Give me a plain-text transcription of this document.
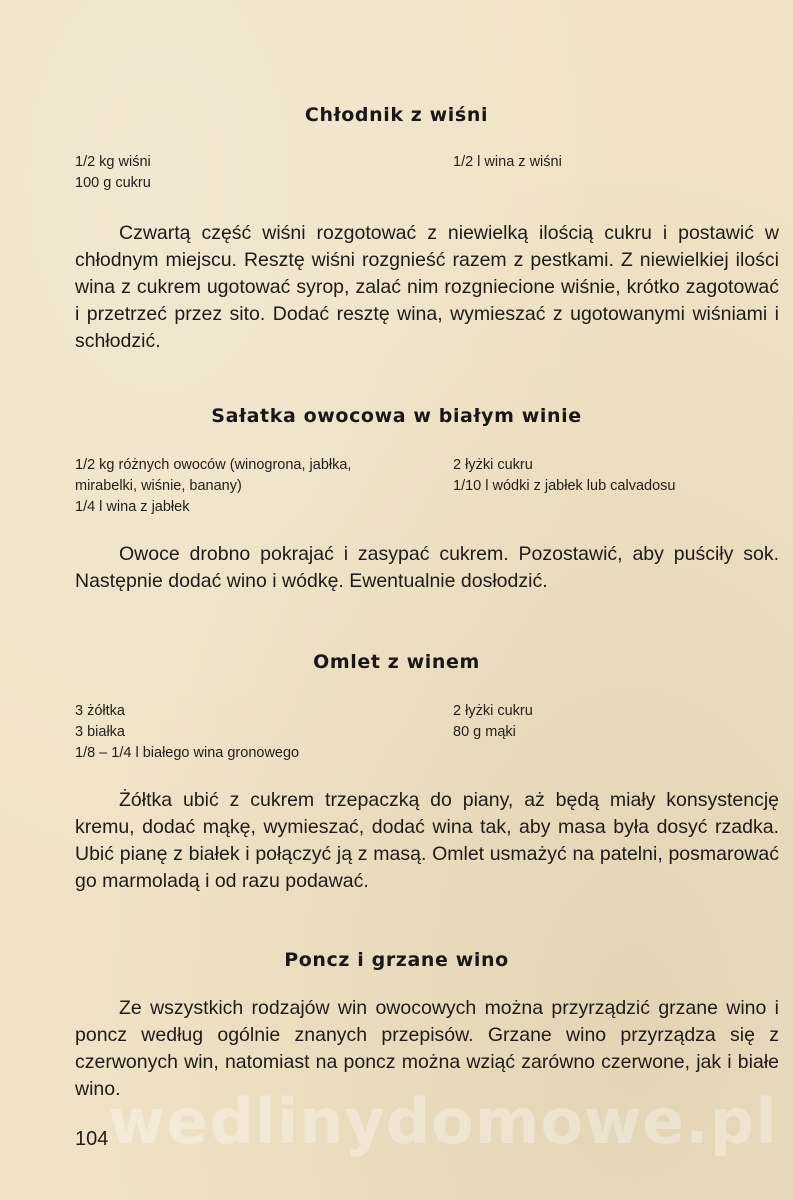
Chłodnik z wiśni
1/2 kg wiśni
100 g cukru
1/2 l wina z wiśni

Czwartą część wiśni rozgotować z niewielką ilością cukru i postawić w chłodnym miejscu. Resztę wiśni rozgnieść razem z pestkami. Z niewielkiej ilości wina z cukrem ugotować syrop, zalać nim rozgniecione wiśnie, krótko zagotować i przetrzeć przez sito. Dodać resztę wina, wymieszać z ugotowanymi wiśniami i schłodzić.

Sałatka owocowa w białym winie
1/2 kg różnych owoców (winogrona, jabłka,
mirabelki, wiśnie, banany)
1/4 l wina z jabłek
2 łyżki cukru
1/10 l wódki z jabłek lub calvadosu

Owoce drobno pokrajać i zasypać cukrem. Pozostawić, aby puściły sok. Następnie dodać wino i wódkę. Ewentualnie dosłodzić.

Omlet z winem
3 żółtka
3 białka
1/8 – 1/4 l białego wina gronowego
2 łyżki cukru
80 g mąki

Żółtka ubić z cukrem trzepaczką do piany, aż będą miały konsystencję kremu, dodać mąkę, wymieszać, dodać wina tak, aby masa była dosyć rzadka. Ubić pianę z białek i połączyć ją z masą. Omlet usmażyć na patelni, posmarować go marmoladą i od razu podawać.

Poncz i grzane wino

Ze wszystkich rodzajów win owocowych można przyrządzić grzane wino i poncz według ogólnie znanych przepisów. Grzane wino przyrządza się z czerwonych win, natomiast na poncz można wziąć zarówno czerwone, jak i białe wino.

wedlinydomowe.pl
104
